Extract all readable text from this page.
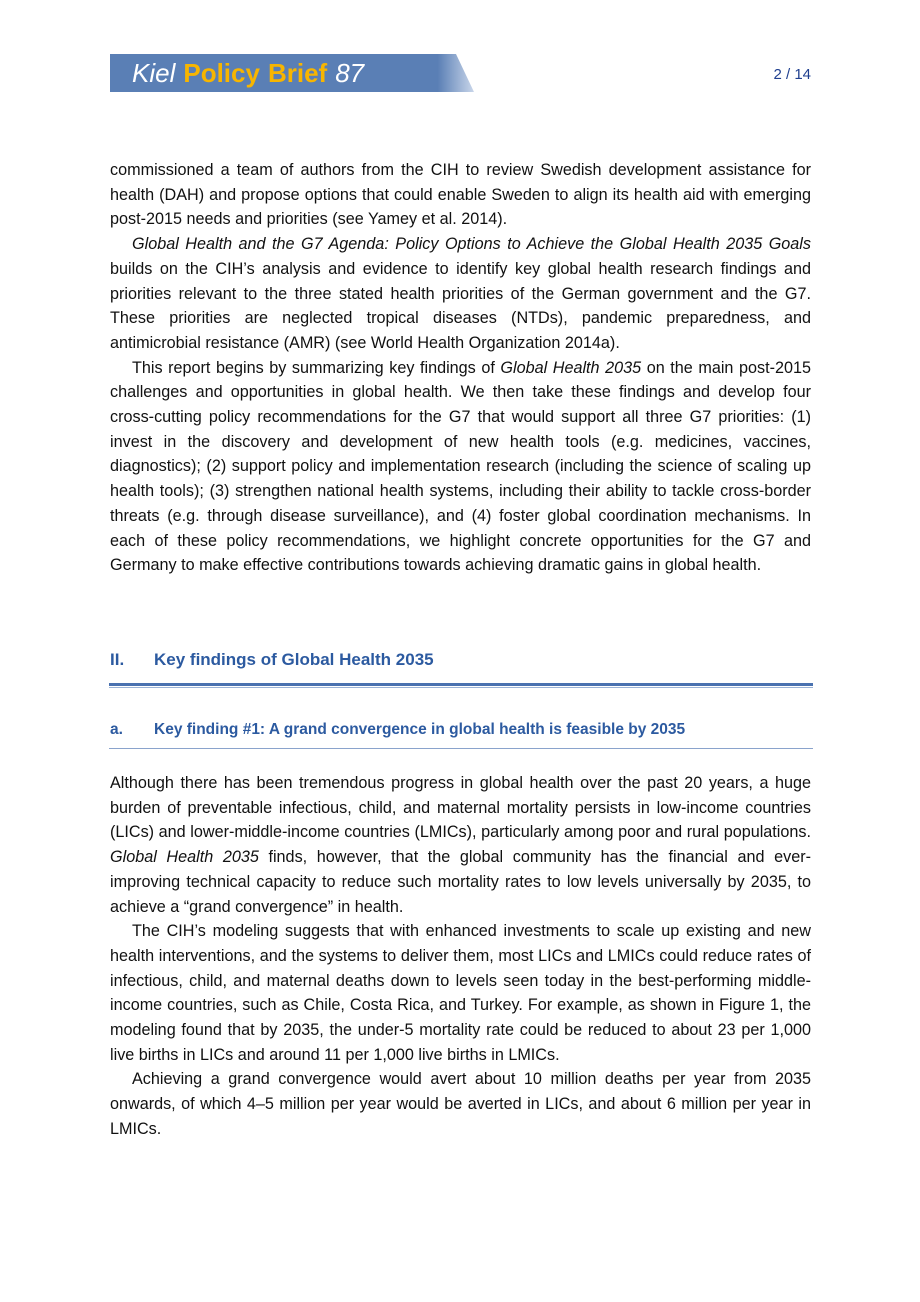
Kiel Policy Brief 87	2 / 14

commissioned a team of authors from the CIH to review Swedish development assistance for health (DAH) and propose options that could enable Sweden to align its health aid with emerging post-2015 needs and priorities (see Yamey et al. 2014).

Global Health and the G7 Agenda: Policy Options to Achieve the Global Health 2035 Goals builds on the CIH’s analysis and evidence to identify key global health research findings and priorities relevant to the three stated health priorities of the German government and the G7. These priorities are neglected tropical diseases (NTDs), pandemic preparedness, and antimicrobial resistance (AMR) (see World Health Organization 2014a).

This report begins by summarizing key findings of Global Health 2035 on the main post-2015 challenges and opportunities in global health. We then take these findings and develop four cross-cutting policy recommendations for the G7 that would support all three G7 priorities: (1) invest in the discovery and development of new health tools (e.g. medicines, vaccines, diagnostics); (2) support policy and implementation research (including the science of scaling up health tools); (3) strengthen national health systems, including their ability to tackle cross-border threats (e.g. through disease surveillance), and (4) foster global coordination mechanisms. In each of these policy recommendations, we highlight concrete opportunities for the G7 and Germany to make effective contributions towards achieving dramatic gains in global health.

II. Key findings of Global Health 2035
a. Key finding #1: A grand convergence in global health is feasible by 2035

Although there has been tremendous progress in global health over the past 20 years, a huge burden of preventable infectious, child, and maternal mortality persists in low-income countries (LICs) and lower-middle-income countries (LMICs), particularly among poor and rural populations. Global Health 2035 finds, however, that the global community has the financial and ever-improving technical capacity to reduce such mortality rates to low levels universally by 2035, to achieve a “grand convergence” in health.

The CIH’s modeling suggests that with enhanced investments to scale up existing and new health interventions, and the systems to deliver them, most LICs and LMICs could reduce rates of infectious, child, and maternal deaths down to levels seen today in the best-performing middle-income countries, such as Chile, Costa Rica, and Turkey. For example, as shown in Figure 1, the modeling found that by 2035, the under-5 mortality rate could be reduced to about 23 per 1,000 live births in LICs and around 11 per 1,000 live births in LMICs.

Achieving a grand convergence would avert about 10 million deaths per year from 2035 onwards, of which 4–5 million per year would be averted in LICs, and about 6 million per year in LMICs.
